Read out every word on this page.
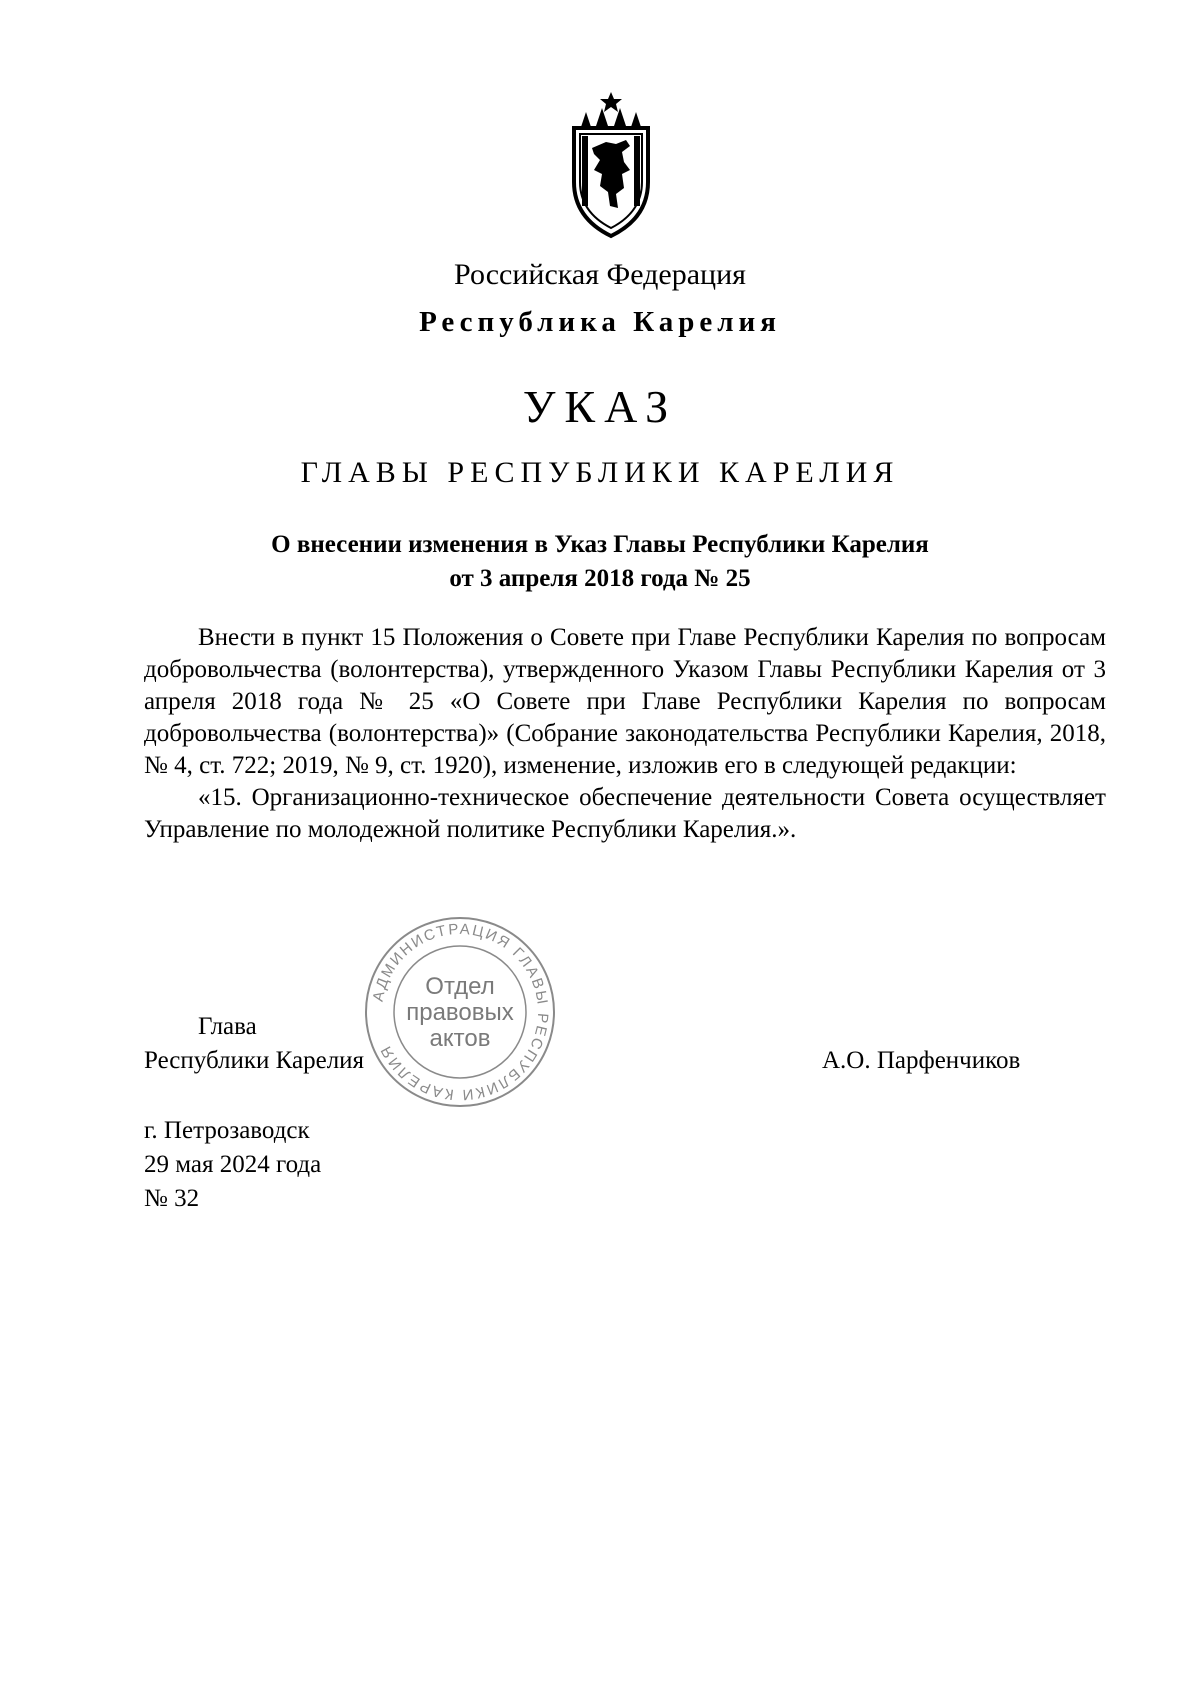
Российская Федерация
Республика Карелия
УКАЗ
ГЛАВЫ РЕСПУБЛИКИ КАРЕЛИЯ
О внесении изменения в Указ Главы Республики Карелия
от 3 апреля 2018 года № 25

Внести в пункт 15 Положения о Совете при Главе Республики Карелия по вопросам добровольчества (волонтерства), утвержденного Указом Главы Республики Карелия от 3 апреля 2018 года № 25 «О Совете при Главе Республики Карелия по вопросам добровольчества (волонтерства)» (Собрание законодательства Республики Карелия, 2018, № 4, ст. 722; 2019, № 9, ст. 1920), изменение, изложив его в следующей редакции:

«15. Организационно-техническое обеспечение деятельности Совета осуществляет Управление по молодежной политике Республики Карелия.».

АДМИНИСТРАЦИЯ ГЛАВЫ РЕСПУБЛИКИ КАРЕЛИЯ
Отдел
правовых
актов
Глава
Республики Карелия	А.О. Парфенчиков
г. Петрозаводск
29 мая 2024 года
№ 32
